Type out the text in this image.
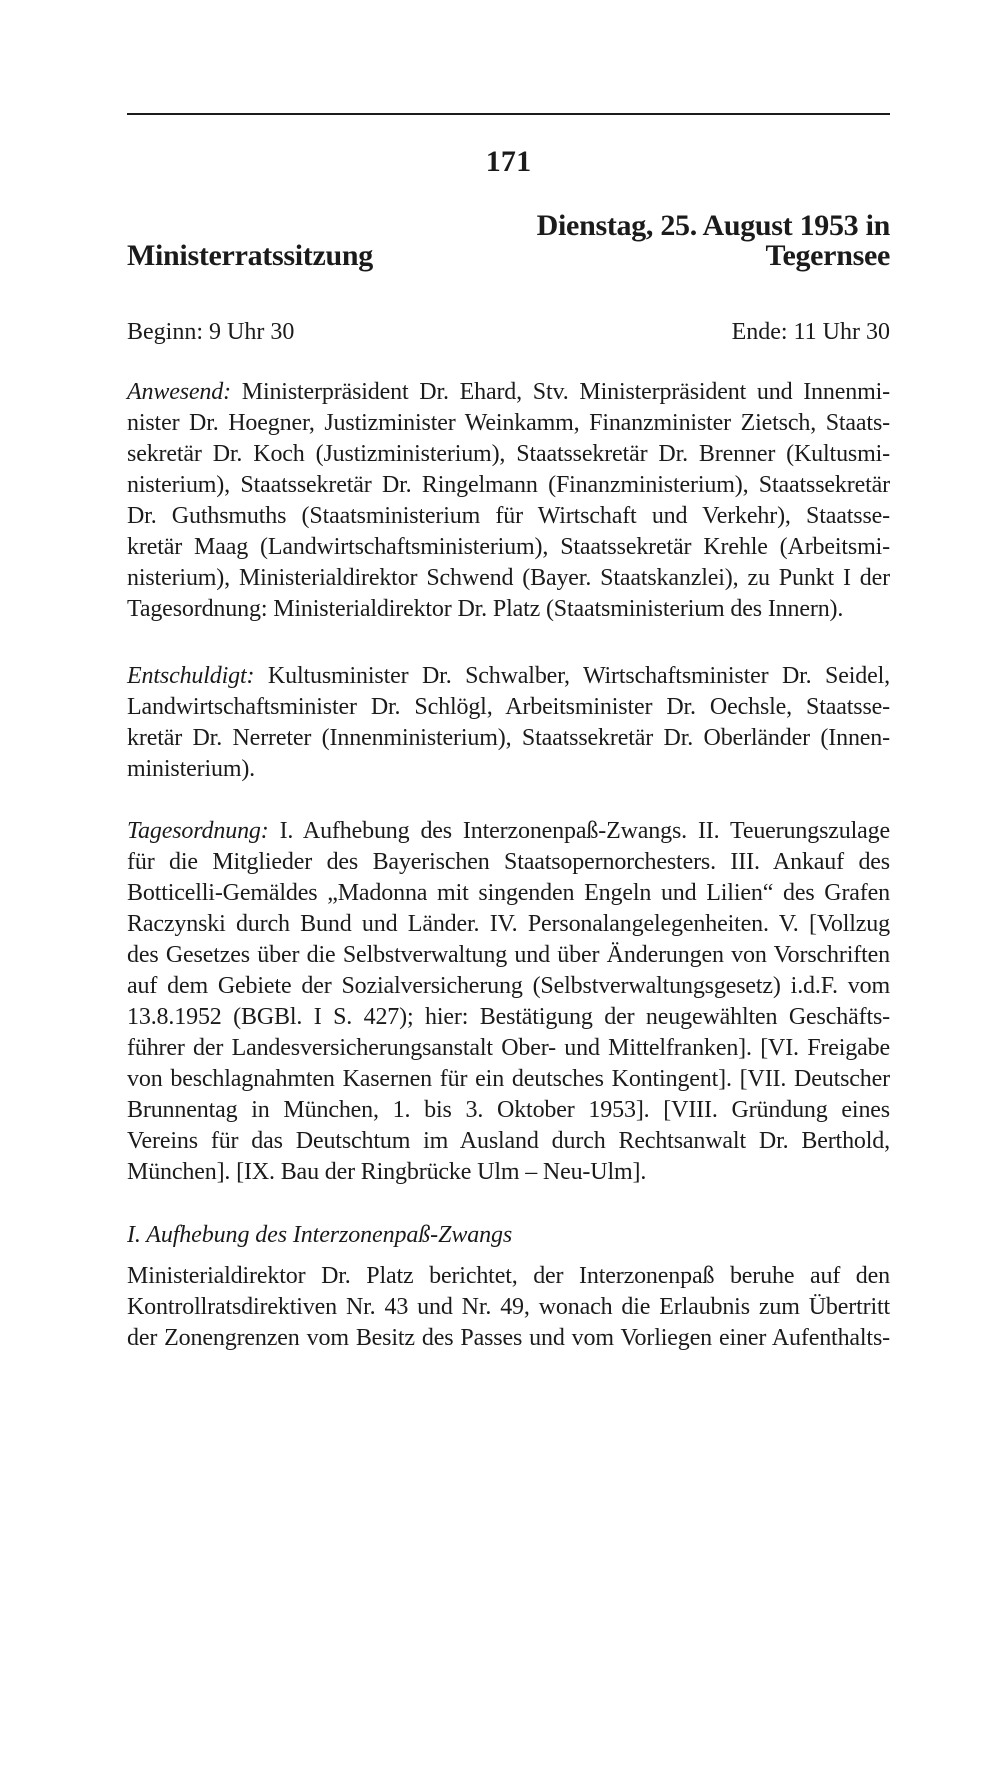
171
Dienstag, 25. August 1953 in
Ministerratssitzung	Tegernsee
Beginn: 9 Uhr 30	Ende: 11 Uhr 30
Anwesend: Ministerpräsident Dr. Ehard, Stv. Ministerpräsident und Innenmi-
nister Dr. Hoegner, Justizminister Weinkamm, Finanzminister Zietsch, Staats-
sekretär Dr. Koch (Justizministerium), Staatssekretär Dr. Brenner (Kultusmi-
nisterium), Staatssekretär Dr. Ringelmann (Finanzministerium), Staatssekretär
Dr. Guthsmuths (Staatsministerium für Wirtschaft und Verkehr), Staatsse-
kretär Maag (Landwirtschaftsministerium), Staatssekretär Krehle (Arbeitsmi-
nisterium), Ministerialdirektor Schwend (Bayer. Staatskanzlei), zu Punkt I der
Tagesordnung: Ministerialdirektor Dr. Platz (Staatsministerium des Innern).
Entschuldigt: Kultusminister Dr. Schwalber, Wirtschaftsminister Dr. Seidel,
Landwirtschaftsminister Dr. Schlögl, Arbeitsminister Dr. Oechsle, Staatsse-
kretär Dr. Nerreter (Innenministerium), Staatssekretär Dr. Oberländer (Innen-
ministerium).
Tagesordnung: I. Aufhebung des Interzonenpaß-Zwangs. II. Teuerungszulage
für die Mitglieder des Bayerischen Staatsopernorchesters. III. Ankauf des
Botticelli-Gemäldes „Madonna mit singenden Engeln und Lilien“ des Grafen
Raczynski durch Bund und Länder. IV. Personalangelegenheiten. V. [Vollzug
des Gesetzes über die Selbstverwaltung und über Änderungen von Vorschriften
auf dem Gebiete der Sozialversicherung (Selbstverwaltungsgesetz) i.d.F. vom
13.8.1952 (BGBl. I S. 427); hier: Bestätigung der neugewählten Geschäfts-
führer der Landesversicherungsanstalt Ober- und Mittelfranken]. [VI. Freigabe
von beschlagnahmten Kasernen für ein deutsches Kontingent]. [VII. Deutscher
Brunnentag in München, 1. bis 3. Oktober 1953]. [VIII. Gründung eines
Vereins für das Deutschtum im Ausland durch Rechtsanwalt Dr. Berthold,
München]. [IX. Bau der Ringbrücke Ulm – Neu-Ulm].
I. Aufhebung des Interzonenpaß-Zwangs
Ministerialdirektor Dr. Platz berichtet, der Interzonenpaß beruhe auf den
Kontrollratsdirektiven Nr. 43 und Nr. 49, wonach die Erlaubnis zum Übertritt
der Zonengrenzen vom Besitz des Passes und vom Vorliegen einer Aufenthalts-
